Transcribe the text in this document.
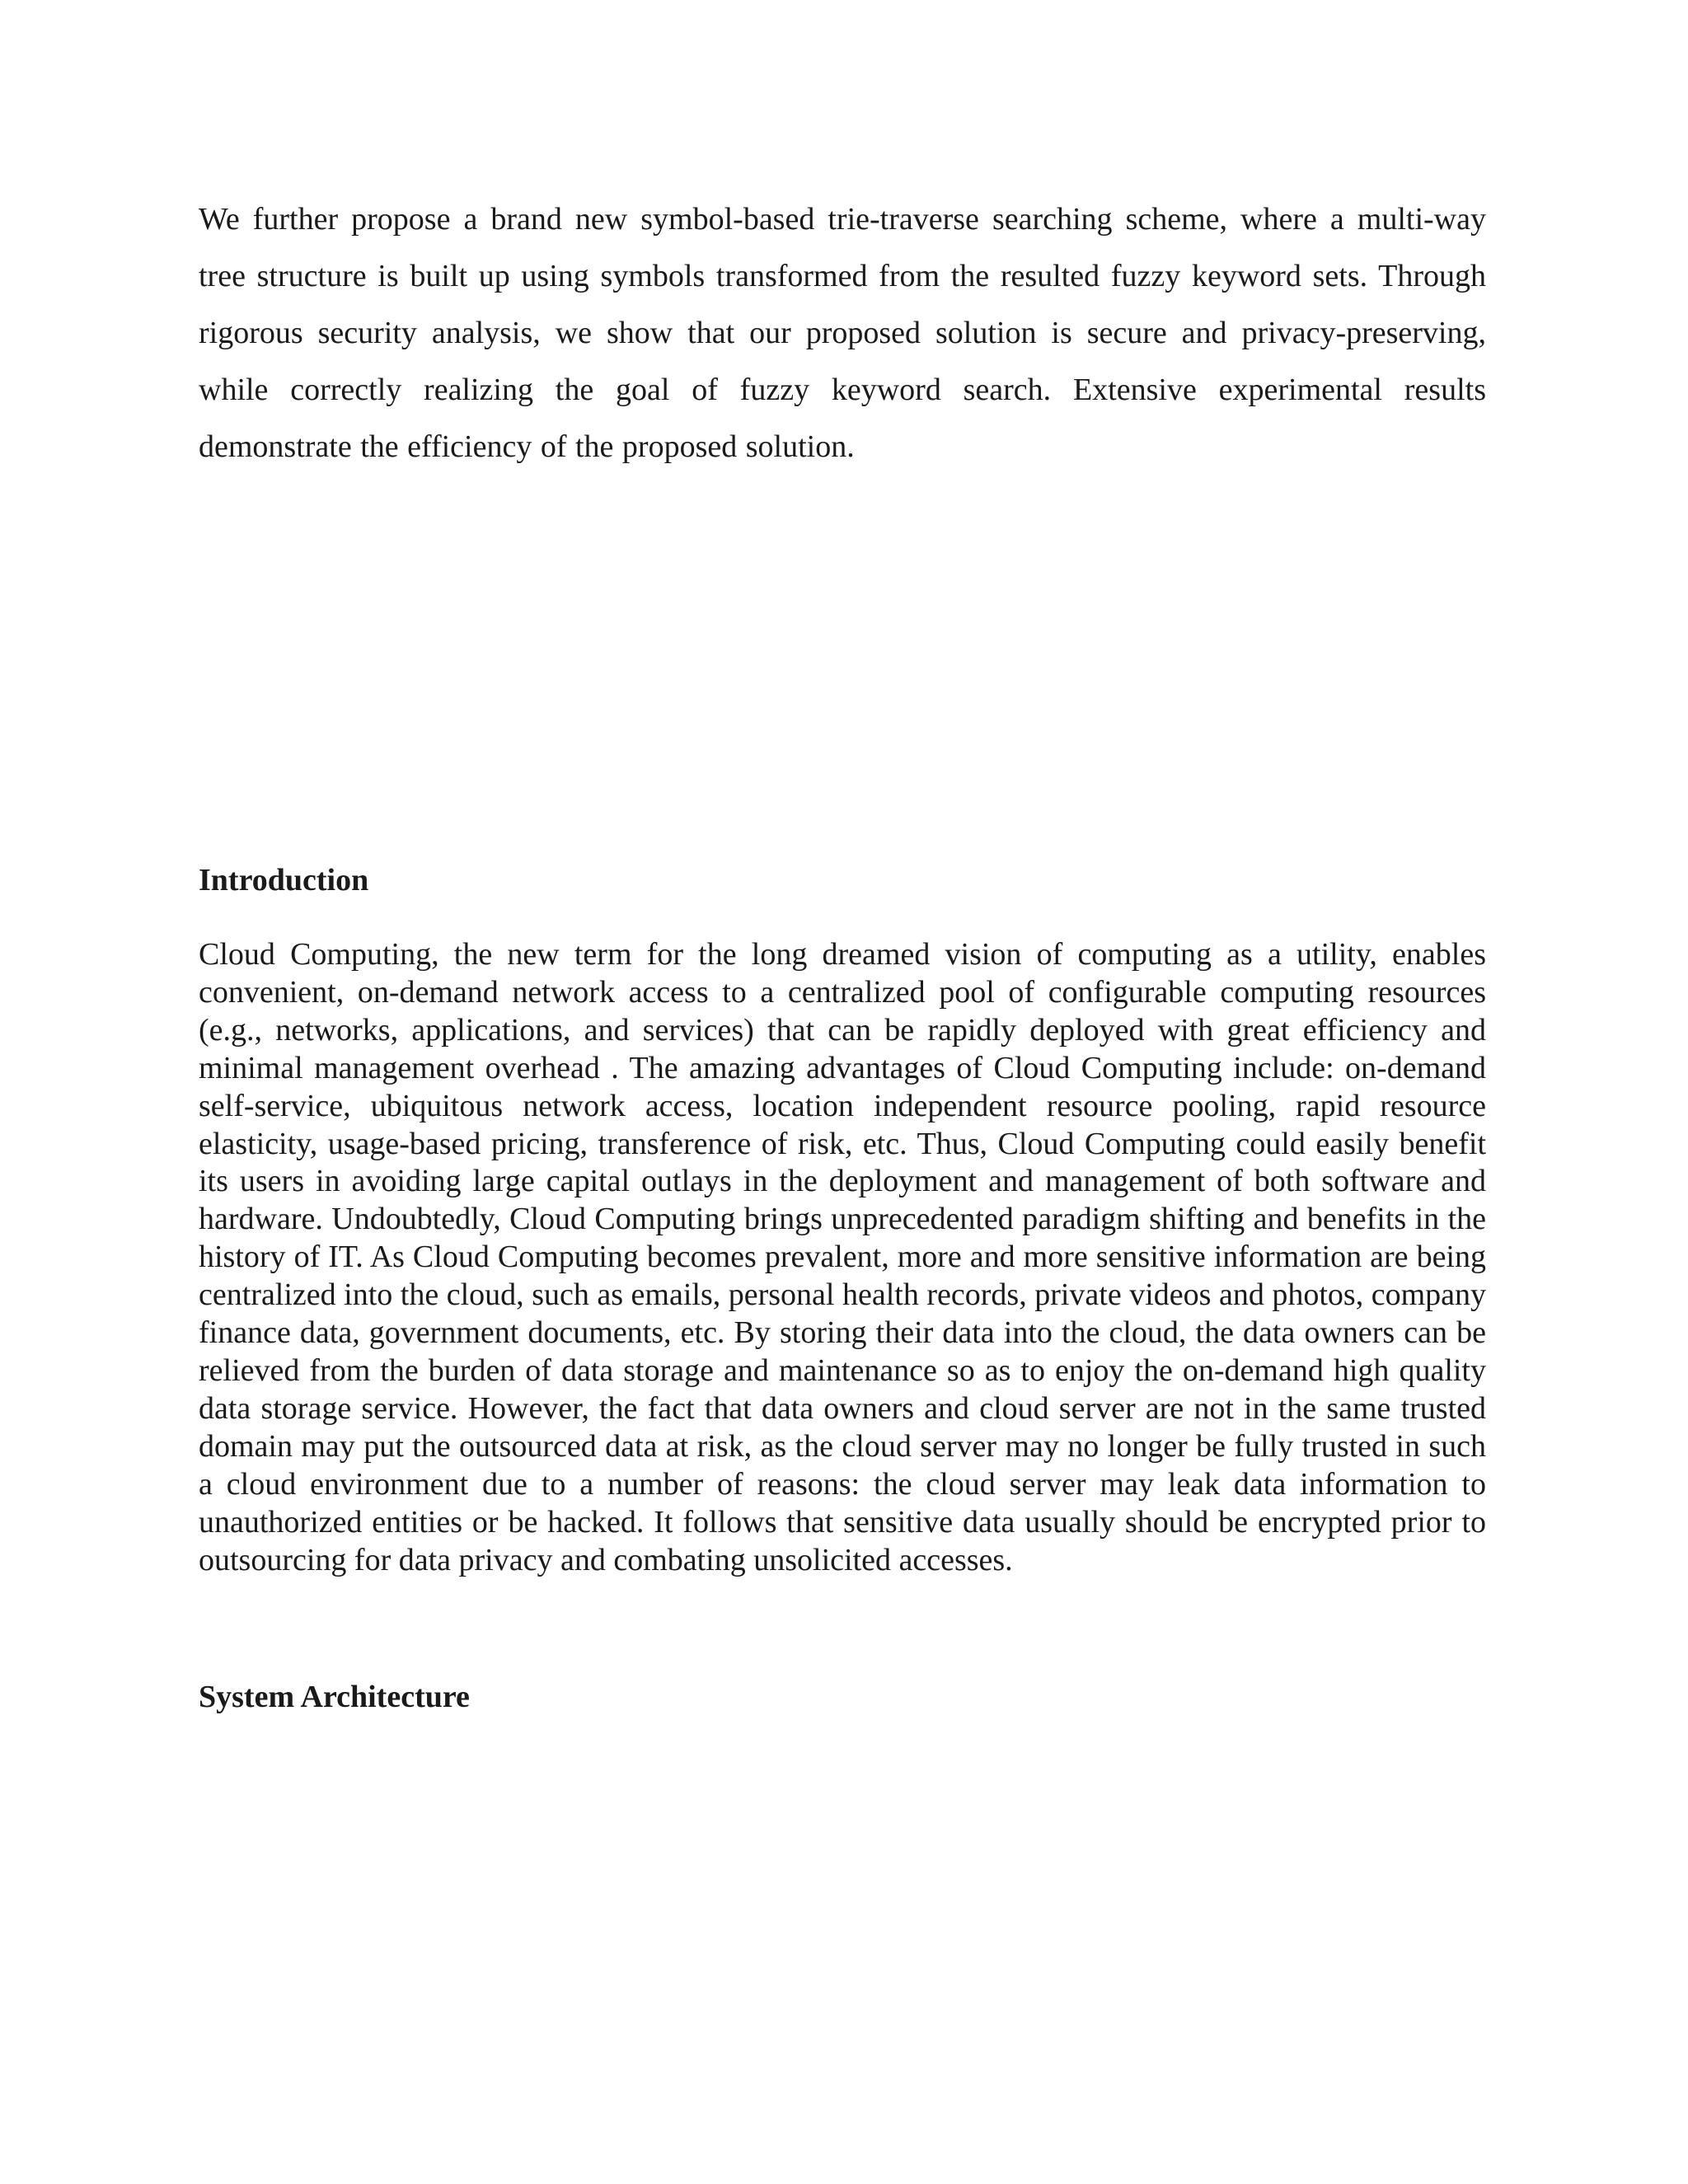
We further propose a brand new symbol-based trie-traverse searching scheme, where a multi-way tree structure is built up using symbols transformed from the resulted fuzzy keyword sets. Through rigorous security analysis, we show that our proposed solution is secure and privacy-preserving, while correctly realizing the goal of fuzzy keyword search. Extensive experimental results demonstrate the efficiency of the proposed solution.

Introduction

Cloud Computing, the new term for the long dreamed vision of computing as a utility, enables convenient, on-demand network access to a centralized pool of configurable computing resources (e.g., networks, applications, and services) that can be rapidly deployed with great efficiency and minimal management overhead . The amazing advantages of Cloud Computing include: on-demand self-service, ubiquitous network access, location independent resource pooling, rapid resource elasticity, usage-based pricing, transference of risk, etc. Thus, Cloud Computing could easily benefit its users in avoiding large capital outlays in the deployment and management of both software and hardware. Undoubtedly, Cloud Computing brings unprecedented paradigm shifting and benefits in the history of IT. As Cloud Computing becomes prevalent, more and more sensitive information are being centralized into the cloud, such as emails, personal health records, private videos and photos, company finance data, government documents, etc. By storing their data into the cloud, the data owners can be relieved from the burden of data storage and maintenance so as to enjoy the on-demand high quality data storage service. However, the fact that data owners and cloud server are not in the same trusted domain may put the outsourced data at risk, as the cloud server may no longer be fully trusted in such a cloud environment due to a number of reasons: the cloud server may leak data information to unauthorized entities or be hacked. It follows that sensitive data usually should be encrypted prior to outsourcing for data privacy and combating unsolicited accesses.

System Architecture
